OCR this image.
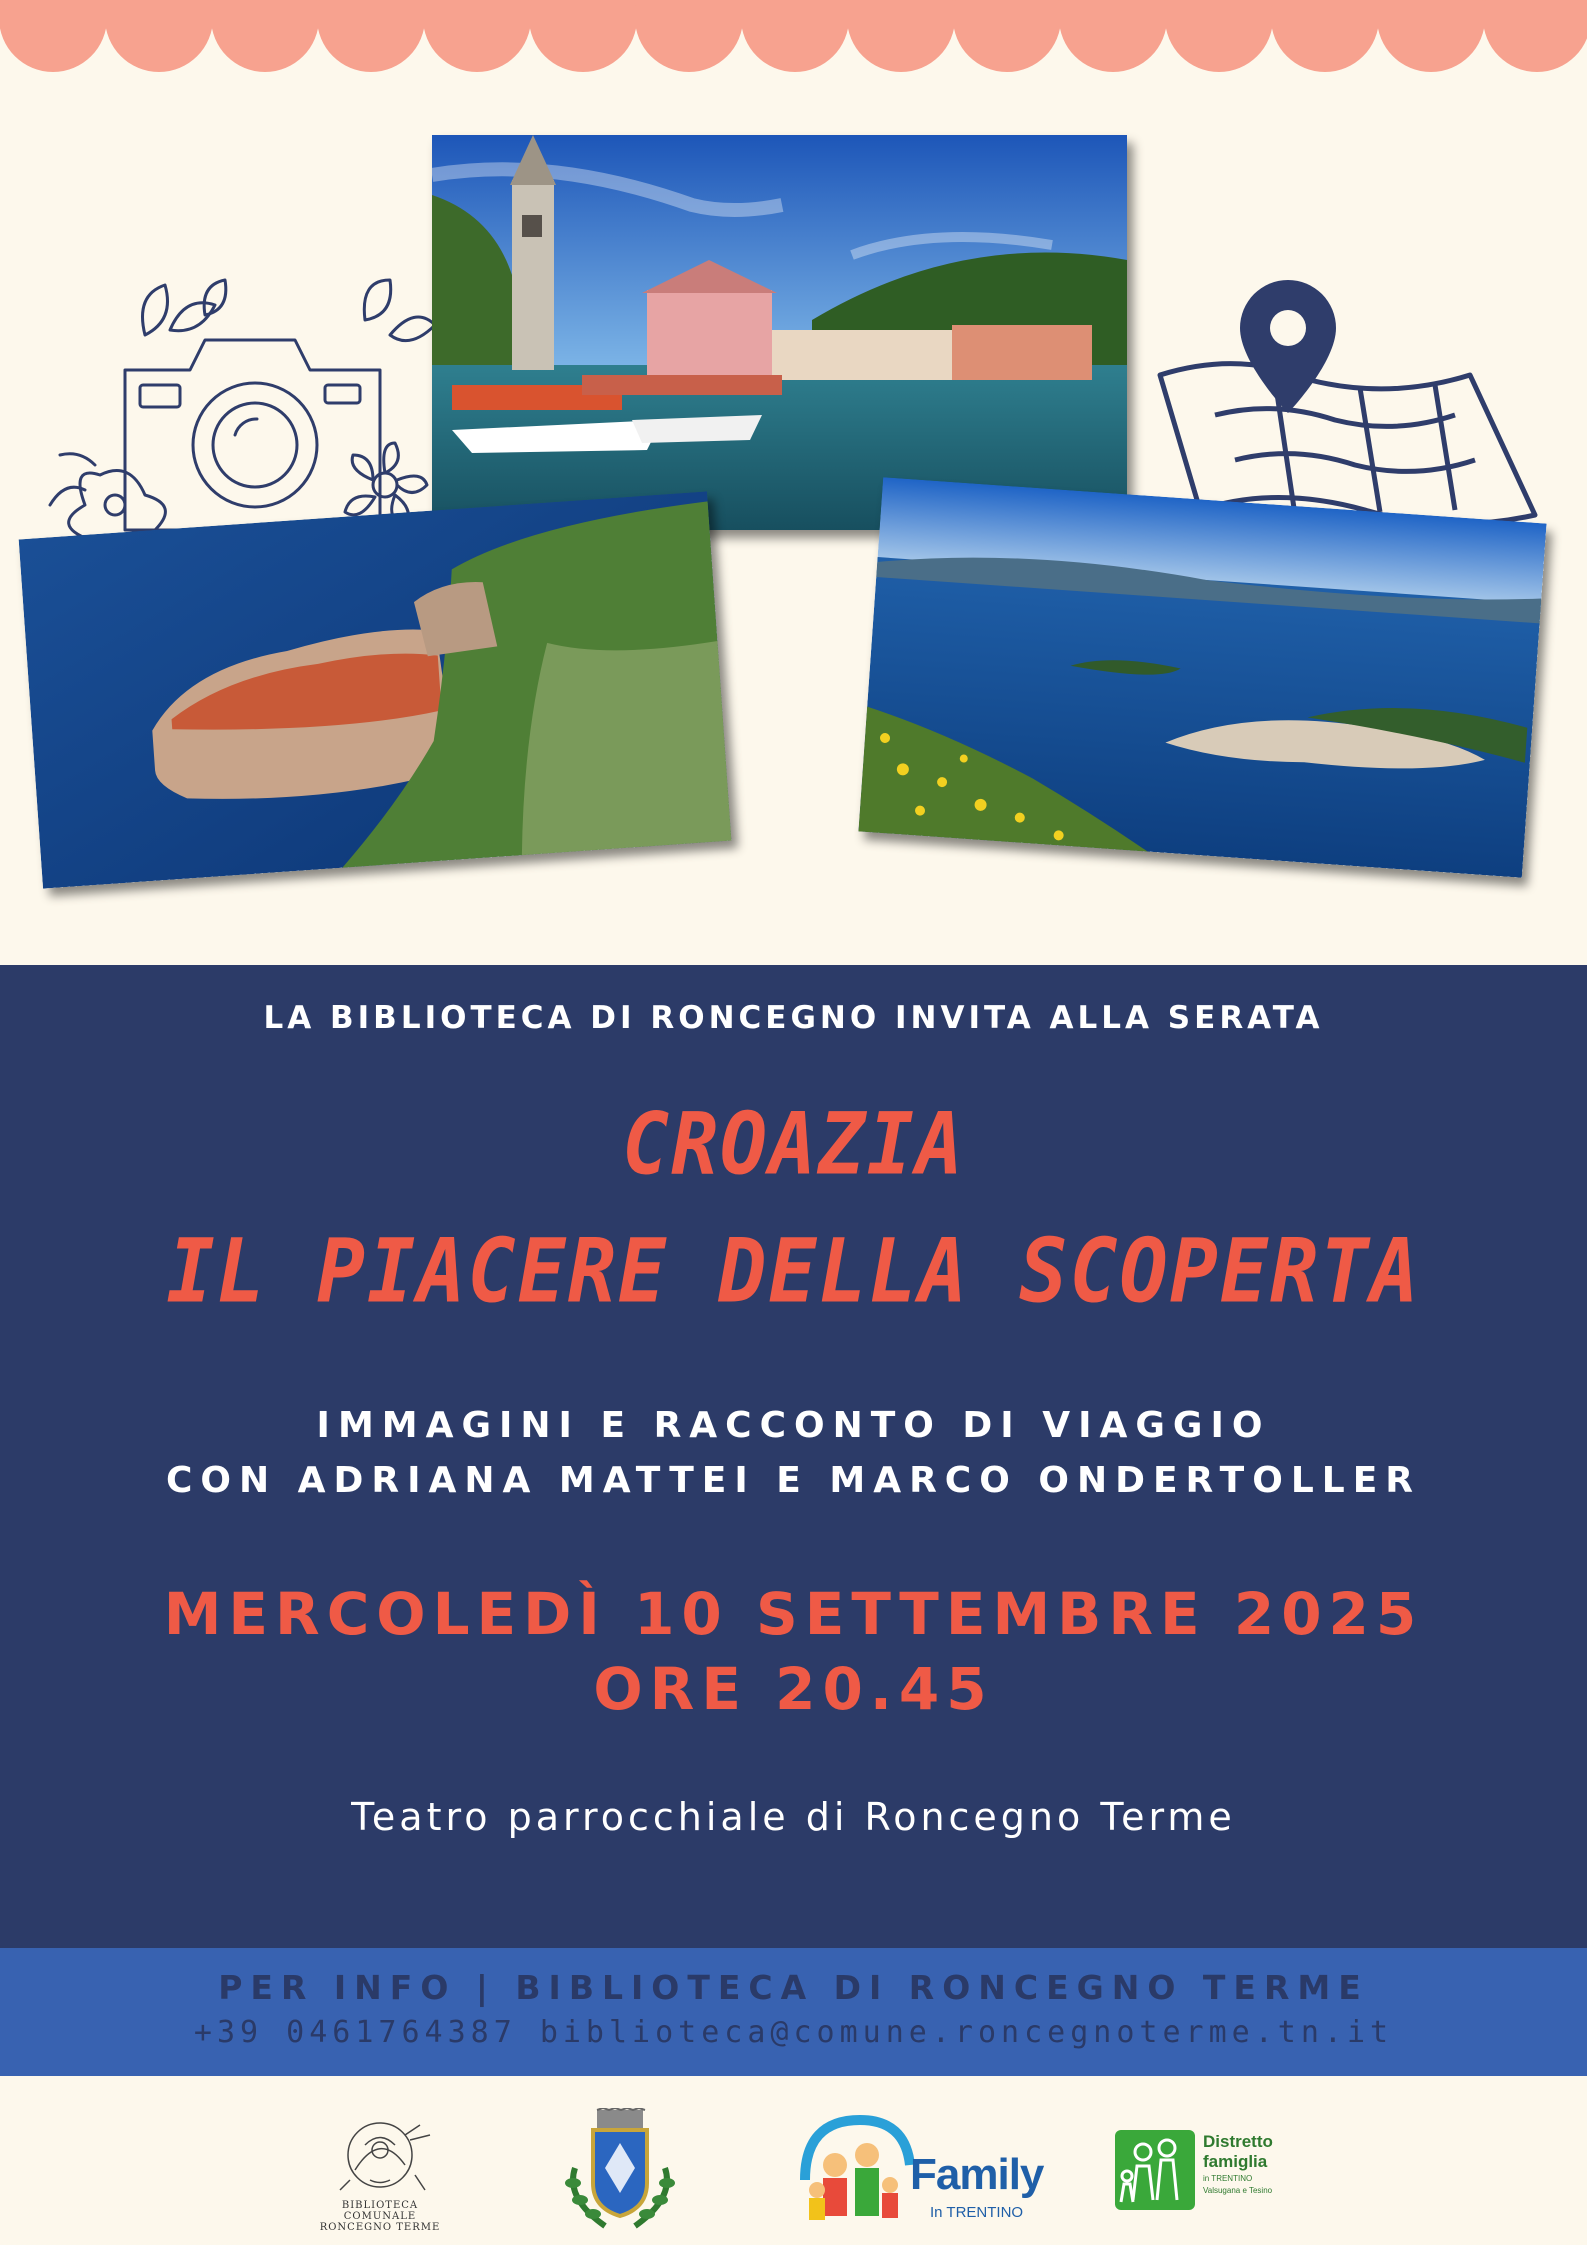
LA BIBLIOTECA DI RONCEGNO INVITA ALLA SERATA
CROAZIA
IL PIACERE DELLA SCOPERTA
IMMAGINI E RACCONTO DI VIAGGIO
CON ADRIANA MATTEI E MARCO ONDERTOLLER
MERCOLEDÌ 10 SETTEMBRE 2025
ORE 20.45
Teatro parrocchiale di Roncegno Terme
PER INFO | BIBLIOTECA DI RONCEGNO TERME
+39 0461764387 biblioteca@comune.roncegnoterme.tn.it
BIBLIOTECA COMUNALE
RONCEGNO TERME
Family
In TRENTINO
Distretto
famiglia
in TRENTINO
Valsugana e Tesino
